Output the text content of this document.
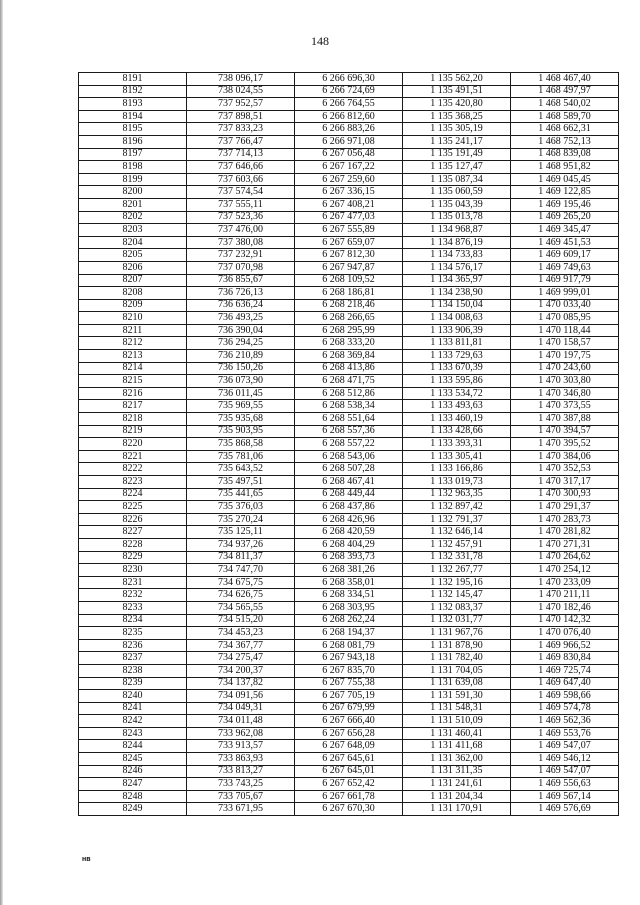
148
8191	738 096,17	6 266 696,30	1 135 562,20	1 468 467,40
8192	738 024,55	6 266 724,69	1 135 491,51	1 468 497,97
8193	737 952,57	6 266 764,55	1 135 420,80	1 468 540,02
8194	737 898,51	6 266 812,60	1 135 368,25	1 468 589,70
8195	737 833,23	6 266 883,26	1 135 305,19	1 468 662,31
8196	737 766,47	6 266 971,08	1 135 241,17	1 468 752,13
8197	737 714,13	6 267 056,48	1 135 191,49	1 468 839,08
8198	737 646,66	6 267 167,22	1 135 127,47	1 468 951,82
8199	737 603,66	6 267 259,60	1 135 087,34	1 469 045,45
8200	737 574,54	6 267 336,15	1 135 060,59	1 469 122,85
8201	737 555,11	6 267 408,21	1 135 043,39	1 469 195,46
8202	737 523,36	6 267 477,03	1 135 013,78	1 469 265,20
8203	737 476,00	6 267 555,89	1 134 968,87	1 469 345,47
8204	737 380,08	6 267 659,07	1 134 876,19	1 469 451,53
8205	737 232,91	6 267 812,30	1 134 733,83	1 469 609,17
8206	737 070,98	6 267 947,87	1 134 576,17	1 469 749,63
8207	736 855,67	6 268 109,52	1 134 365,97	1 469 917,79
8208	736 726,13	6 268 186,81	1 134 238,90	1 469 999,01
8209	736 636,24	6 268 218,46	1 134 150,04	1 470 033,40
8210	736 493,25	6 268 266,65	1 134 008,63	1 470 085,95
8211	736 390,04	6 268 295,99	1 133 906,39	1 470 118,44
8212	736 294,25	6 268 333,20	1 133 811,81	1 470 158,57
8213	736 210,89	6 268 369,84	1 133 729,63	1 470 197,75
8214	736 150,26	6 268 413,86	1 133 670,39	1 470 243,60
8215	736 073,90	6 268 471,75	1 133 595,86	1 470 303,80
8216	736 011,45	6 268 512,86	1 133 534,72	1 470 346,80
8217	735 969,55	6 268 538,34	1 133 493,63	1 470 373,55
8218	735 935,68	6 268 551,64	1 133 460,19	1 470 387,88
8219	735 903,95	6 268 557,36	1 133 428,66	1 470 394,57
8220	735 868,58	6 268 557,22	1 133 393,31	1 470 395,52
8221	735 781,06	6 268 543,06	1 133 305,41	1 470 384,06
8222	735 643,52	6 268 507,28	1 133 166,86	1 470 352,53
8223	735 497,51	6 268 467,41	1 133 019,73	1 470 317,17
8224	735 441,65	6 268 449,44	1 132 963,35	1 470 300,93
8225	735 376,03	6 268 437,86	1 132 897,42	1 470 291,37
8226	735 270,24	6 268 426,96	1 132 791,37	1 470 283,73
8227	735 125,11	6 268 420,59	1 132 646,14	1 470 281,82
8228	734 937,26	6 268 404,29	1 132 457,91	1 470 271,31
8229	734 811,37	6 268 393,73	1 132 331,78	1 470 264,62
8230	734 747,70	6 268 381,26	1 132 267,77	1 470 254,12
8231	734 675,75	6 268 358,01	1 132 195,16	1 470 233,09
8232	734 626,75	6 268 334,51	1 132 145,47	1 470 211,11
8233	734 565,55	6 268 303,95	1 132 083,37	1 470 182,46
8234	734 515,20	6 268 262,24	1 132 031,77	1 470 142,32
8235	734 453,23	6 268 194,37	1 131 967,76	1 470 076,40
8236	734 367,77	6 268 081,79	1 131 878,90	1 469 966,52
8237	734 275,47	6 267 943,18	1 131 782,40	1 469 830,84
8238	734 200,37	6 267 835,70	1 131 704,05	1 469 725,74
8239	734 137,82	6 267 755,38	1 131 639,08	1 469 647,40
8240	734 091,56	6 267 705,19	1 131 591,30	1 469 598,66
8241	734 049,31	6 267 679,99	1 131 548,31	1 469 574,78
8242	734 011,48	6 267 666,40	1 131 510,09	1 469 562,36
8243	733 962,08	6 267 656,28	1 131 460,41	1 469 553,76
8244	733 913,57	6 267 648,09	1 131 411,68	1 469 547,07
8245	733 863,93	6 267 645,61	1 131 362,00	1 469 546,12
8246	733 813,27	6 267 645,01	1 131 311,35	1 469 547,07
8247	733 743,25	6 267 652,42	1 131 241,61	1 469 556,63
8248	733 705,67	6 267 661,78	1 131 204,34	1 469 567,14
8249	733 671,95	6 267 670,30	1 131 170,91	1 469 576,69
нв
